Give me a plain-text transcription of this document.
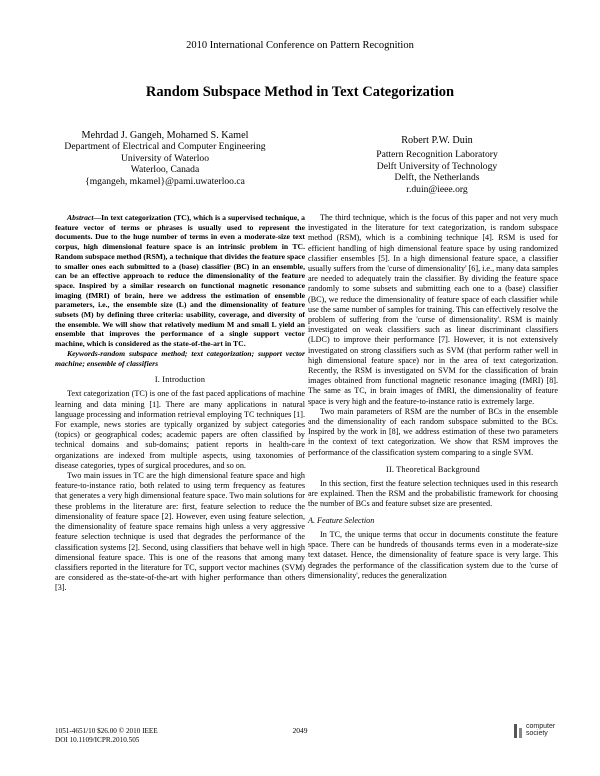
2010 International Conference on Pattern Recognition
Random Subspace Method in Text Categorization
Mehrdad J. Gangeh, Mohamed S. Kamel
Department of Electrical and Computer Engineering
University of Waterloo
Waterloo, Canada
{mgangeh, mkamel}@pami.uwaterloo.ca
Robert P.W. Duin
Pattern Recognition Laboratory
Delft University of Technology
Delft, the Netherlands
r.duin@ieee.org

Abstract—In text categorization (TC), which is a supervised technique, a feature vector of terms or phrases is usually used to represent the documents. Due to the huge number of terms in even a moderate-size text corpus, high dimensional feature space is an intrinsic problem in TC. Random subspace method (RSM), a technique that divides the feature space to smaller ones each submitted to a (base) classifier (BC) in an ensemble, can be an effective approach to reduce the dimensionality of the feature space. Inspired by a similar research on functional magnetic resonance imaging (fMRI) of brain, here we address the estimation of ensemble parameters, i.e., the ensemble size (L) and the dimensionality of feature subsets (M) by defining three criteria: usability, coverage, and diversity of the ensemble. We will show that relatively medium M and small L yield an ensemble that improves the performance of a single support vector machine, which is considered as the state-of-the-art in TC.

Keywords-random subspace method; text categorization; support vector machine; ensemble of classifiers

I. Introduction

Text categorization (TC) is one of the fast paced applications of machine learning and data mining [1]. There are many applications in natural language processing and information retrieval employing TC techniques [1]. For example, news stories are typically organized by subject categories (topics) or geographical codes; academic papers are often classified by technical domains and sub-domains; patient reports in health-care organizations are indexed from multiple aspects, using taxonomies of disease categories, types of surgical procedures, and so on.

Two main issues in TC are the high dimensional feature space and high feature-to-instance ratio, both related to using term frequency as features that generates a very high dimensional feature space. Two main solutions for these problems in the literature are: first, feature selection to reduce the dimensionality of feature space [2]. However, even using feature selection, the dimensionality of feature space remains high unless a very aggressive feature selection technique is used that degrades the performance of the classification systems [2]. Second, using classifiers that behave well in high dimensional feature space. This is one of the reasons that among many classifiers reported in the literature for TC, support vector machines (SVM) are considered as the-state-of-the-art with higher performance than others [3].

The third technique, which is the focus of this paper and not very much investigated in the literature for text categorization, is random subspace method (RSM), which is a combining technique [4]. RSM is used for efficient handling of high dimensional feature space by using randomized classifier ensembles [5]. In a high dimensional feature space, a classifier usually suffers from the 'curse of dimensionality' [6], i.e., many data samples are needed to adequately train the classifier. By dividing the feature space randomly to some subsets and submitting each one to a (base) classifier (BC), we reduce the dimensionality of feature space of each classifier while use the same number of samples for training. This can effectively resolve the problem of suffering from the 'curse of dimensionality'. RSM is mainly investigated on weak classifiers such as linear discriminant classifiers (LDC) to improve their performance [7]. However, it is not extensively investigated on strong classifiers such as SVM (that perform rather well in high dimensional feature space) nor in the area of text categorization. Recently, the RSM is investigated on SVM for the classification of brain images obtained from functional magnetic resonance imaging (fMRI) [8]. The same as TC, in brain images of fMRI, the dimensionality of feature space is very high and the feature-to-instance ratio is extremely large.

Two main parameters of RSM are the number of BCs in the ensemble and the dimensionality of each random subspace submitted to the BCs. Inspired by the work in [8], we address estimation of these two parameters in the context of text categorization. We show that RSM improves the performance of the classification system comparing to a single SVM.

II. Theoretical Background

In this section, first the feature selection techniques used in this research are explained. Then the RSM and the probabilistic framework for choosing the number of BCs and feature subset size are presented.

A. Feature Selection

In TC, the unique terms that occur in documents constitute the feature space. There can be hundreds of thousands terms even in a moderate-size text dataset. Hence, the dimensionality of feature space is very large. This degrades the performance of the classification system due to the 'curse of dimensionality', reduces the generalization

1051-4651/10 $26.00 © 2010 IEEE
DOI 10.1109/ICPR.2010.505
2049	computer
society
